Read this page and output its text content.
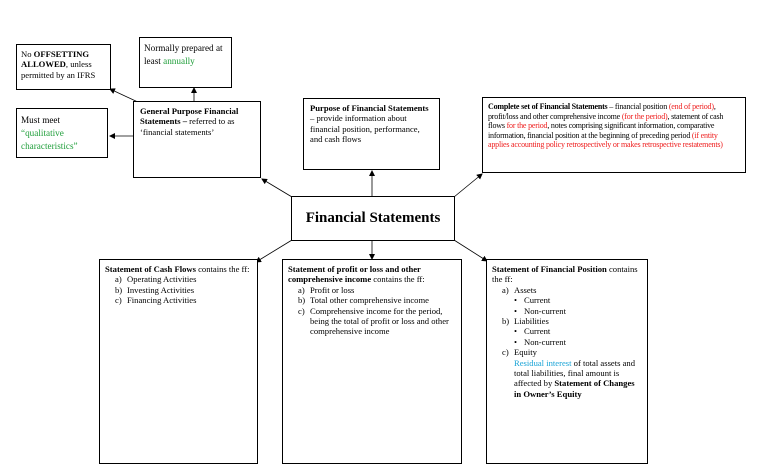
No OFFSETTING ALLOWED, unless permitted by an IFRS
Normally prepared at least annually
Must meet “qualitative characteristics”
General Purpose Financial Statements – referred to as ‘financial statements’
Purpose of Financial Statements – provide information about financial position, performance, and cash flows
Complete set of Financial Statements – financial position (end of period), profit/loss and other comprehensive income (for the period), statement of cash flows for the period, notes comprising significant information, comparative information, financial position at the beginning of preceding period (if entity applies accounting policy retrospectively or makes retrospective restatements)
Financial Statements
Statement of Cash Flows contains the ff:
a) Operating Activities
b) Investing Activities
c) Financing Activities
Statement of profit or loss and other comprehensive income contains the ff:
a) Profit or loss
b) Total other comprehensive income
c) Comprehensive income for the period, being the total of profit or loss and other comprehensive income
Statement of Financial Position contains the ff:
a) Assets
• Current
• Non-current
b) Liabilities
• Current
• Non-current
c) Equity
Residual interest of total assets and total liabilities, final amount is affected by Statement of Changes in Owner’s Equity
